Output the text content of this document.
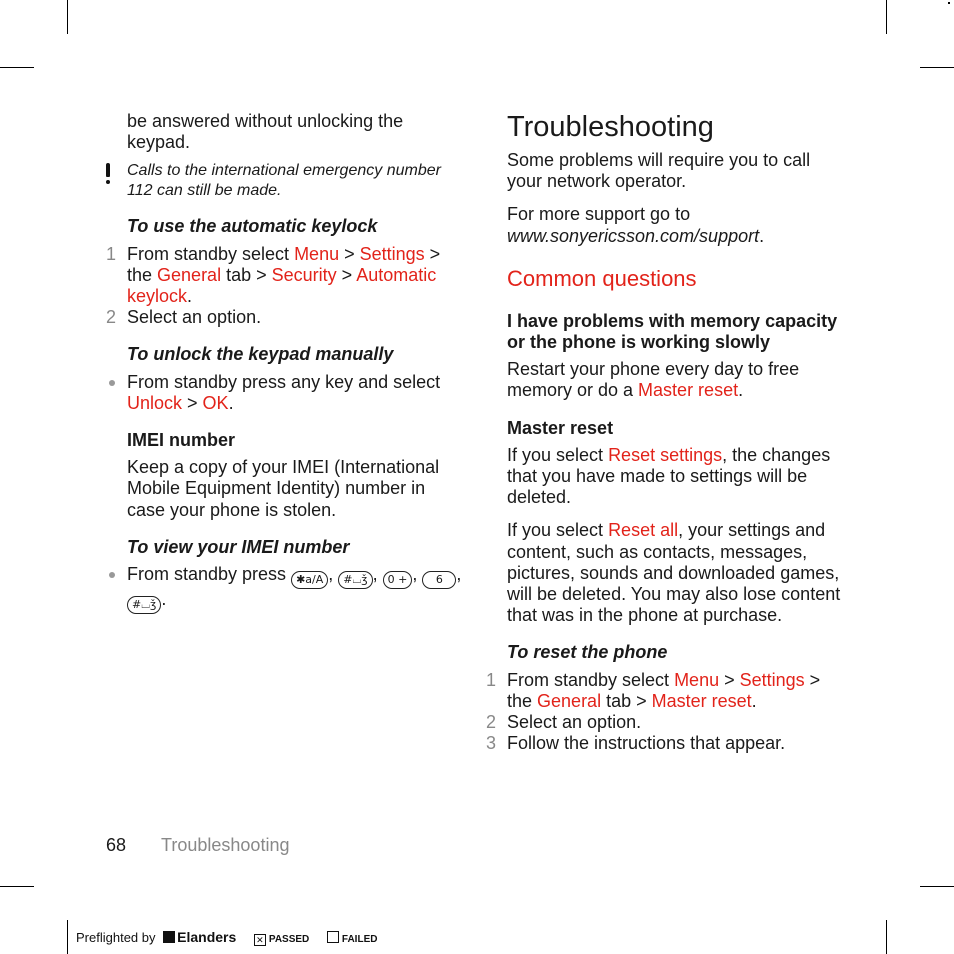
be answered without unlocking the keypad.

Calls to the international emergency number 112 can still be made.

To use the automatic keylock

1 From standby select Menu > Settings > the General tab > Security > Automatic keylock.
2 Select an option.

To unlock the keypad manually

From standby press any key and select Unlock > OK.

IMEI number

Keep a copy of your IMEI (International Mobile Equipment Identity) number in case your phone is stolen.

To view your IMEI number

From standby press ✱a/A , #⌴ǯ , 0 + , 6 , #⌴ǯ .
Troubleshooting

Some problems will require you to call your network operator.

For more support go to www.sonyericsson.com/support.

Common questions

I have problems with memory capacity or the phone is working slowly

Restart your phone every day to free memory or do a Master reset.

Master reset

If you select Reset settings, the changes that you have made to settings will be deleted.

If you select Reset all, your settings and content, such as contacts, messages, pictures, sounds and downloaded games, will be deleted. You may also lose content that was in the phone at purchase.

To reset the phone

1 From standby select Menu > Settings > the General tab > Master reset.
2 Select an option.
3 Follow the instructions that appear.
68 Troubleshooting
Preflighted by Elanders ✕ PASSED	FAILED
